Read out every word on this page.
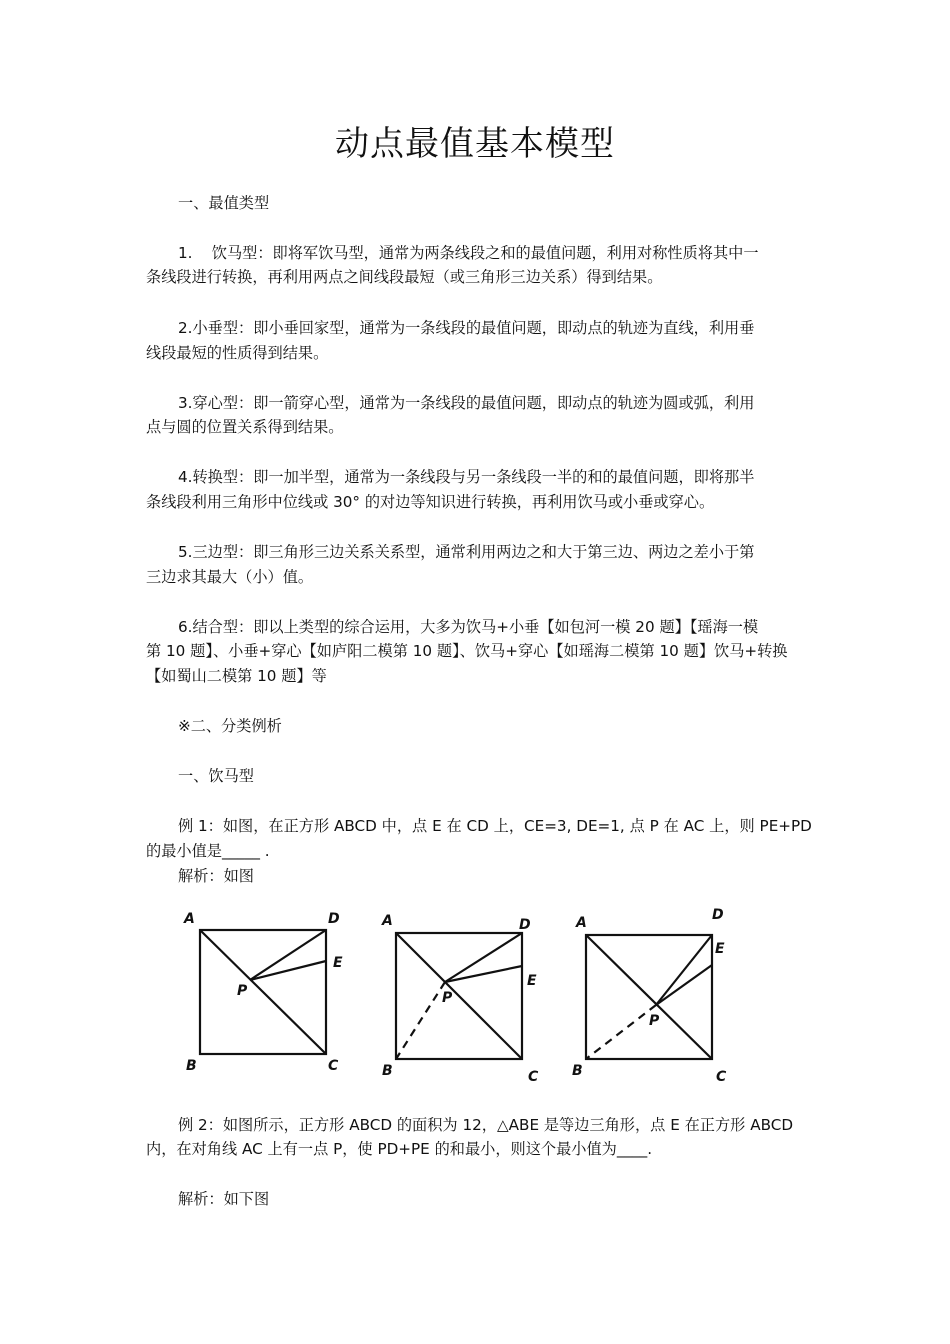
动点最值基本模型

一、最值类型

1.    饮马型：即将军饮马型，通常为两条线段之和的最值问题，利用对称性质将其中一

条线段进行转换，再利用两点之间线段最短（或三角形三边关系）得到结果。

2.小垂型：即小垂回家型，通常为一条线段的最值问题，即动点的轨迹为直线，利用垂

线段最短的性质得到结果。

3.穿心型：即一箭穿心型，通常为一条线段的最值问题，即动点的轨迹为圆或弧，利用

点与圆的位置关系得到结果。

4.转换型：即一加半型，通常为一条线段与另一条线段一半的和的最值问题，即将那半

条线段利用三角形中位线或 30° 的对边等知识进行转换，再利用饮马或小垂或穿心。

5.三边型：即三角形三边关系关系型，通常利用两边之和大于第三边、两边之差小于第

三边求其最大（小）值。

6.结合型：即以上类型的综合运用，大多为饮马+小垂【如包河一模 20 题】【瑶海一模

第 10 题】、小垂+穿心【如庐阳二模第 10 题】、饮马+穿心【如瑶海二模第 10 题】饮马+转换

【如蜀山二模第 10 题】等

※二、分类例析

一、饮马型

例 1：如图，在正方形 ABCD 中，点 E 在 CD 上，CE=3, DE=1, 点 P 在 AC 上，则 PE+PD

的最小值是_____ .

解析：如图

A	D
E
P
B	C
A	D
E
P
B	C
A	D
E
P
B	C

例 2：如图所示，正方形 ABCD 的面积为 12，△ABE 是等边三角形，点 E 在正方形 ABCD

内，在对角线 AC 上有一点 P，使 PD+PE 的和最小，则这个最小值为____.

解析：如下图
